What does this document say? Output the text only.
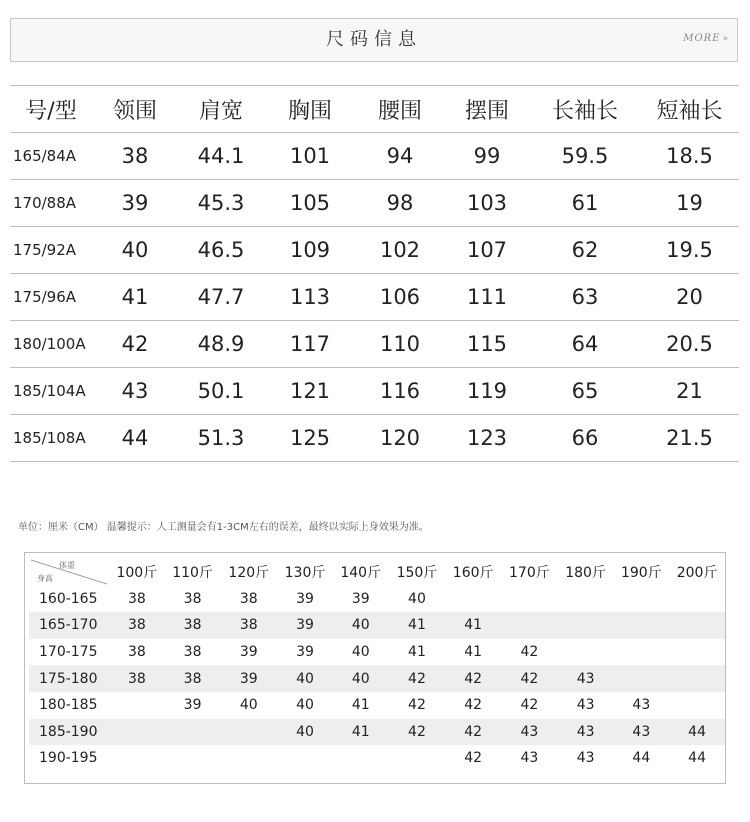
尺码信息	MORE »
号/型	领围	肩宽	胸围	腰围	摆围	长袖长	短袖长
165/84A	38	44.1	101	94	99	59.5	18.5
170/88A	39	45.3	105	98	103	61	19
175/92A	40	46.5	109	102	107	62	19.5
175/96A	41	47.7	113	106	111	63	20
180/100A	42	48.9	117	110	115	64	20.5
185/104A	43	50.1	121	116	119	65	21
185/108A	44	51.3	125	120	123	66	21.5
单位：厘米（CM） 温馨提示：人工测量会有1-3CM左右的误差，最终以实际上身效果为准。
体重
身高	100斤	110斤	120斤	130斤	140斤	150斤	160斤	170斤	180斤	190斤	200斤
160-165	38	38	38	39	39	40					
165-170	38	38	38	39	40	41	41				
170-175	38	38	39	39	40	41	41	42			
175-180	38	38	39	40	40	42	42	42	43		
180-185		39	40	40	41	42	42	42	43	43	
185-190				40	41	42	42	43	43	43	44
190-195							42	43	43	44	44
